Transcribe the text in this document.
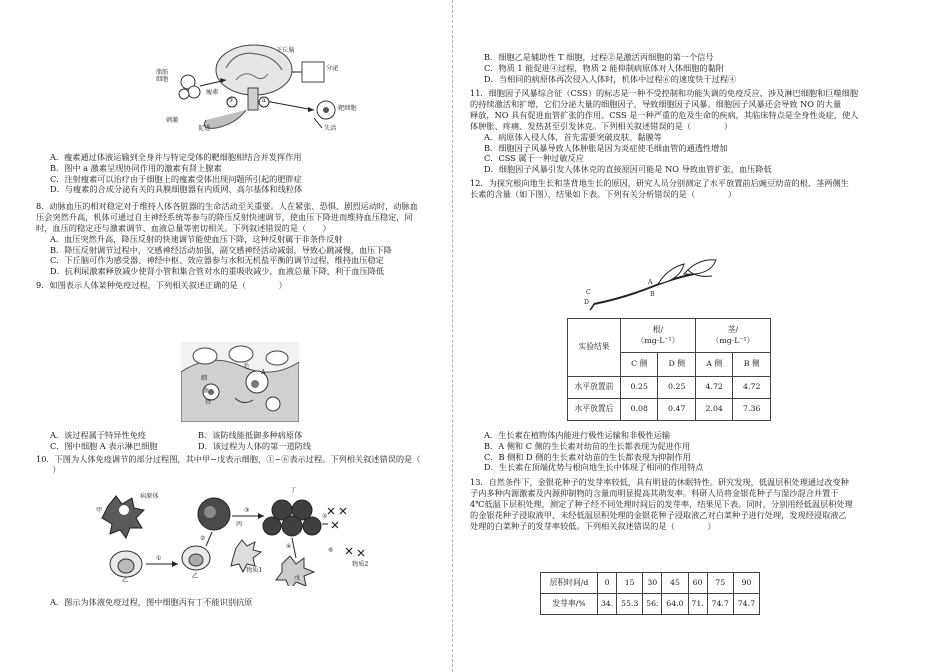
脂肪细胞
瘦素
刺激
促进
下丘脑
分泌
靶细胞
失活
a
③

A．瘦素通过体液运输到全身并与特定受体的靶细胞相结合并发挥作用

B．图中 a 激素呈现协同作用的激素有肾上腺素

C．注射瘦素可以治疗由于细胞上的瘦素受体出现问题所引起的肥胖症

D．与瘦素的合成分泌有关的具膜细胞器有内质网、高尔基体和线粒体

8．动脉血压的相对稳定对于维持人体各脏器的生命活动至关重要。人在紧张、恐惧、剧烈运动时，动脉血

压会突然升高，机体可通过自主神经系统等参与的降压反射快速调节，使血压下降进而维持血压稳定，同

时，血压的稳定还与激素调节、血液总量等密切相关。下列叙述错误的是（　　）

A．血压突然升高，降压反射的快速调节能使血压下降，这种反射属于非条件反射

B．降压反射调节过程中，交感神经活动加强，副交感神经活动减弱，导致心跳减慢，血压下降

C．下丘脑可作为感受器、神经中枢、效应器参与水和无机盐平衡的调节过程，维持血压稳定

D．抗利尿激素释放减少使肾小管和集合管对水的重吸收减少，血液总量下降，利于血压降低

9．如图表示人体某种免疫过程，下列相关叙述正确的是（　　　　）

A
毛
细
血
管
A．该过程属于特异性免疫	B．该防线能抵御多种病原体
C．图中细胞 A 表示淋巴细胞	D．该过程为人体的第一道防线

10．下图为人体免疫调节的部分过程图，其中甲~戊表示细胞，①~⑥表示过程。下列相关叙述错误的是（

　　）

甲
病原体
乙
乙
丙
丁
戊
物质1
物质2
①
②
③
④
⑤
⑥

A．图示为体液免疫过程，图中细胞丙有丁不能识别抗原

B．细胞乙是辅助性 T 细胞，过程②是激活丙细胞的第一个信号

C．物质 1 能促进④过程，物质 2 能抑制病原体对人体细胞的黏附

D．当相同的病原体再次侵入人体时，机体中过程⑥的速度快于过程④

11．细胞因子风暴综合征（CSS）的标志是一种不受控制和功能失调的免疫反应，涉及淋巴细胞和巨噬细胞

的持续激活和扩增，它们分泌大量的细胞因子，导致细胞因子风暴。细胞因子风暴还会导致 NO 的大量

释放，NO 具有促进血管扩张的作用。CSS 是一种严重的危及生命的疾病，其临床特点是全身性炎症，使人

体肿胀、疼痛、发热甚至引发休克。下列相关叙述错误的是（　　　　）

A．病原体入侵人体，首先需要突破皮肤、黏膜等

B．细胞因子风暴导致人体肿胀是因为炎症使毛细血管的通透性增加

C．CSS 属于一种过敏反应

D．细胞因子风暴引发人体休克的直接原因可能是 NO 导致血管扩张，血压降低

12．为探究根向地生长和茎背地生长的原因，研究人员分别测定了水平放置前后豌豆幼苗的根、茎两侧生

长素的含量（如下图），结果如下表。下列有关分析错误的是（　　　　）

C
D
A
B
实验结果	根/
（mg·L⁻¹）		茎/
（mg·L⁻¹）	
	C 侧	D 侧	A 侧	B 侧
水平放置前	0.25	0.25	4.72	4.72
水平放置后	0.08	0.47	2.04	7.36

A．生长素在植物体内能进行极性运输和非极性运输

B．A 侧和 C 侧的生长素对幼苗的生长都表现为促进作用

C．B 侧和 D 侧的生长素对幼苗的生长都表现为抑制作用

D．生长素在顶端优势与根向地生长中体现了相同的作用特点

13．自然条件下，金银花种子的发芽率较低，具有明显的休眠特性。研究发现，低温层积处理通过改变种

子内多种内源激素及内源抑制物的含量而明显提高其萌发率。科研人员将金银花种子与湿沙混合并置于

4℃低温下层积处理，测定了种子经不同处理时间后的发芽率，结果见下表。同时，分别用经低温层积处理

的金银花种子浸取液甲、未经低温层积处理的金银花种子浸取液乙对白菜种子进行处理，发现经浸取液乙

处理的白菜种子的发芽率较低。下列相关叙述错误的是（　　　　）

层积时间/d	0	15	30	45	60	75	90
发芽率/%	34.	55.3	56.	64.0	71.	74.7	74.7
